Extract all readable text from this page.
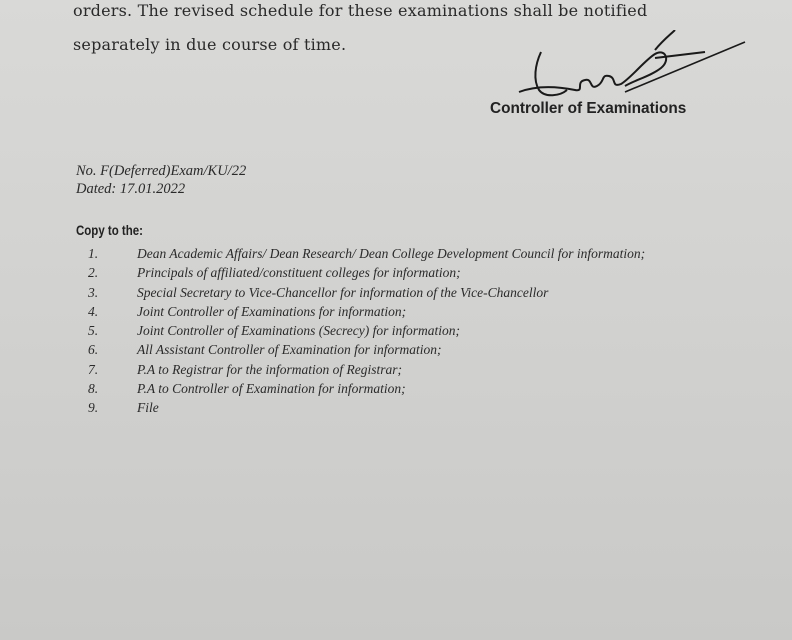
orders. The revised schedule for these examinations shall be notified
separately in due course of time.
Controller of Examinations
No. F(Deferred)Exam/KU/22
Dated: 17.01.2022
Copy to the:
1.	Dean Academic Affairs/ Dean Research/ Dean College Development Council for information;
2.	Principals of affiliated/constituent colleges for information;
3.	Special Secretary to Vice-Chancellor for information of the Vice-Chancellor
4.	Joint Controller of Examinations for information;
5.	Joint Controller of Examinations (Secrecy) for information;
6.	All Assistant Controller of Examination for information;
7.	P.A to Registrar for the information of Registrar;
8.	P.A to Controller of Examination for information;
9.	File
